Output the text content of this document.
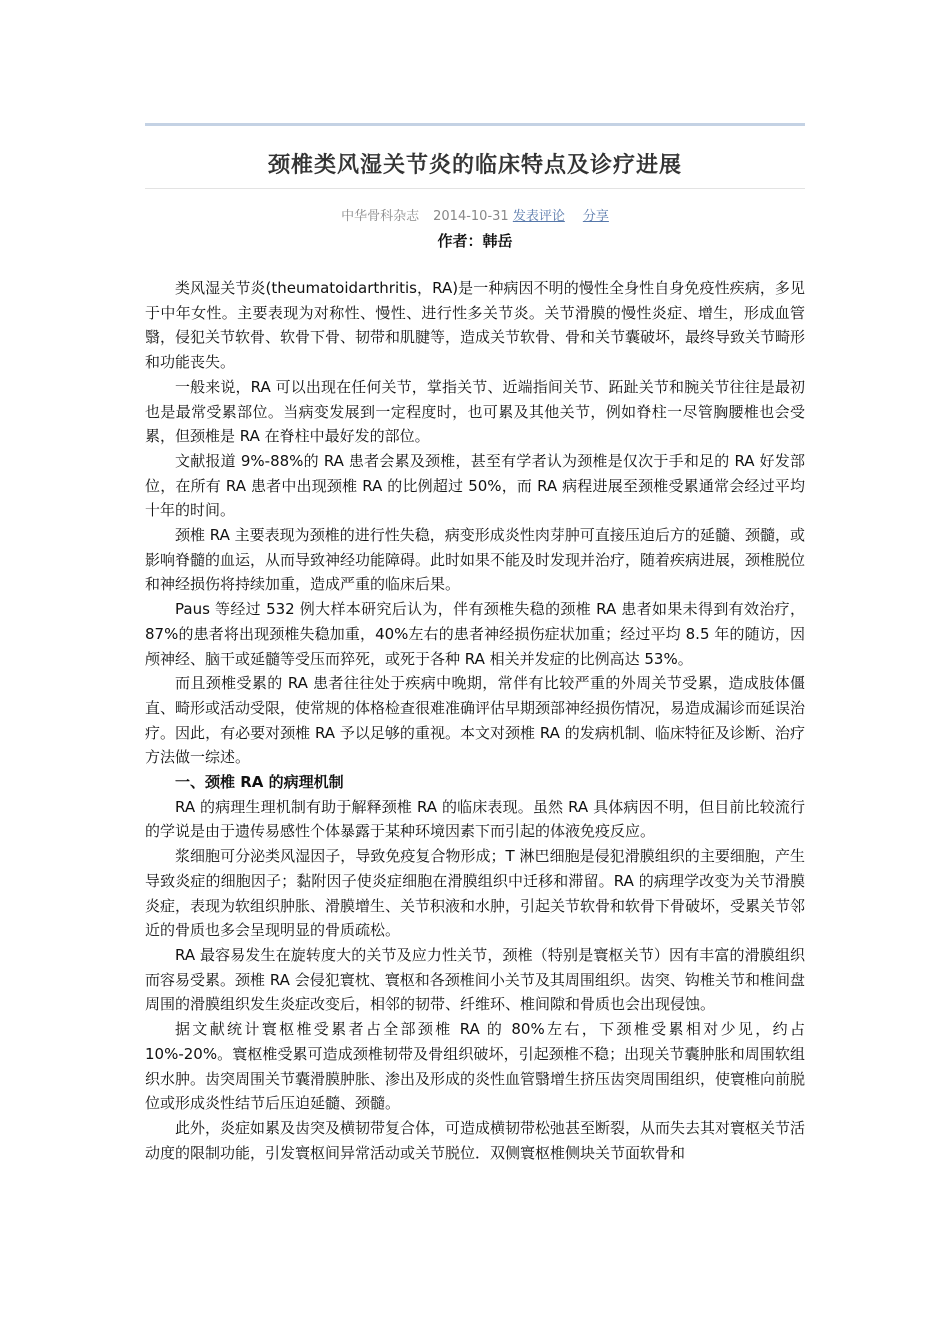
颈椎类风湿关节炎的临床特点及诊疗进展
中华骨科杂志 2014-10-31 发表评论 分享
作者：韩岳

类风湿关节炎(theumatoidarthritis，RA)是一种病因不明的慢性全身性自身免疫性疾病，多见于中年女性。主要表现为对称性、慢性、进行性多关节炎。关节滑膜的慢性炎症、增生，形成血管翳，侵犯关节软骨、软骨下骨、韧带和肌腱等，造成关节软骨、骨和关节囊破坏，最终导致关节畸形和功能丧失。

一般来说，RA 可以出现在任何关节，掌指关节、近端指间关节、跖趾关节和腕关节往往是最初也是最常受累部位。当病变发展到一定程度时，也可累及其他关节，例如脊柱一尽管胸腰椎也会受累，但颈椎是 RA 在脊柱中最好发的部位。

文献报道 9%-88%的 RA 患者会累及颈椎，甚至有学者认为颈椎是仅次于手和足的 RA 好发部位，在所有 RA 患者中出现颈椎 RA 的比例超过 50%，而 RA 病程进展至颈椎受累通常会经过平均十年的时间。

颈椎 RA 主要表现为颈椎的进行性失稳，病变形成炎性肉芽肿可直接压迫后方的延髓、颈髓，或影响脊髓的血运，从而导致神经功能障碍。此时如果不能及时发现并治疗，随着疾病进展，颈椎脱位和神经损伤将持续加重，造成严重的临床后果。

Paus 等经过 532 例大样本研究后认为，伴有颈椎失稳的颈椎 RA 患者如果未得到有效治疗，87%的患者将出现颈椎失稳加重，40%左右的患者神经损伤症状加重；经过平均 8.5 年的随访，因颅神经、脑干或延髓等受压而猝死，或死于各种 RA 相关并发症的比例高达 53%。

而且颈椎受累的 RA 患者往往处于疾病中晚期，常伴有比较严重的外周关节受累，造成肢体僵直、畸形或活动受限，使常规的体格检查很难准确评估早期颈部神经损伤情况，易造成漏诊而延误治疗。因此，有必要对颈椎 RA 予以足够的重视。本文对颈椎 RA 的发病机制、临床特征及诊断、治疗方法做一综述。

一、颈椎 RA 的病理机制

RA 的病理生理机制有助于解释颈椎 RA 的临床表现。虽然 RA 具体病因不明，但目前比较流行的学说是由于遗传易感性个体暴露于某种环境因素下而引起的体液免疫反应。

浆细胞可分泌类风湿因子，导致免疫复合物形成；T 淋巴细胞是侵犯滑膜组织的主要细胞，产生导致炎症的细胞因子；黏附因子使炎症细胞在滑膜组织中迁移和滞留。RA 的病理学改变为关节滑膜炎症，表现为软组织肿胀、滑膜增生、关节积液和水肿，引起关节软骨和软骨下骨破坏，受累关节邻近的骨质也多会呈现明显的骨质疏松。

RA 最容易发生在旋转度大的关节及应力性关节，颈椎（特别是寰枢关节）因有丰富的滑膜组织而容易受累。颈椎 RA 会侵犯寰枕、寰枢和各颈椎间小关节及其周围组织。齿突、钩椎关节和椎间盘周围的滑膜组织发生炎症改变后，相邻的韧带、纤维环、椎间隙和骨质也会出现侵蚀。

据文献统计寰枢椎受累者占全部颈椎 RA 的 80%左右，下颈椎受累相对少见，约占 10%-20%。寰枢椎受累可造成颈椎韧带及骨组织破坏，引起颈椎不稳；出现关节囊肿胀和周围软组织水肿。齿突周围关节囊滑膜肿胀、渗出及形成的炎性血管翳增生挤压齿突周围组织，使寰椎向前脱位或形成炎性结节后压迫延髓、颈髓。

此外，炎症如累及齿突及横韧带复合体，可造成横韧带松弛甚至断裂，从而失去其对寰枢关节活动度的限制功能，引发寰枢间异常活动或关节脱位．双侧寰枢椎侧块关节面软骨和
